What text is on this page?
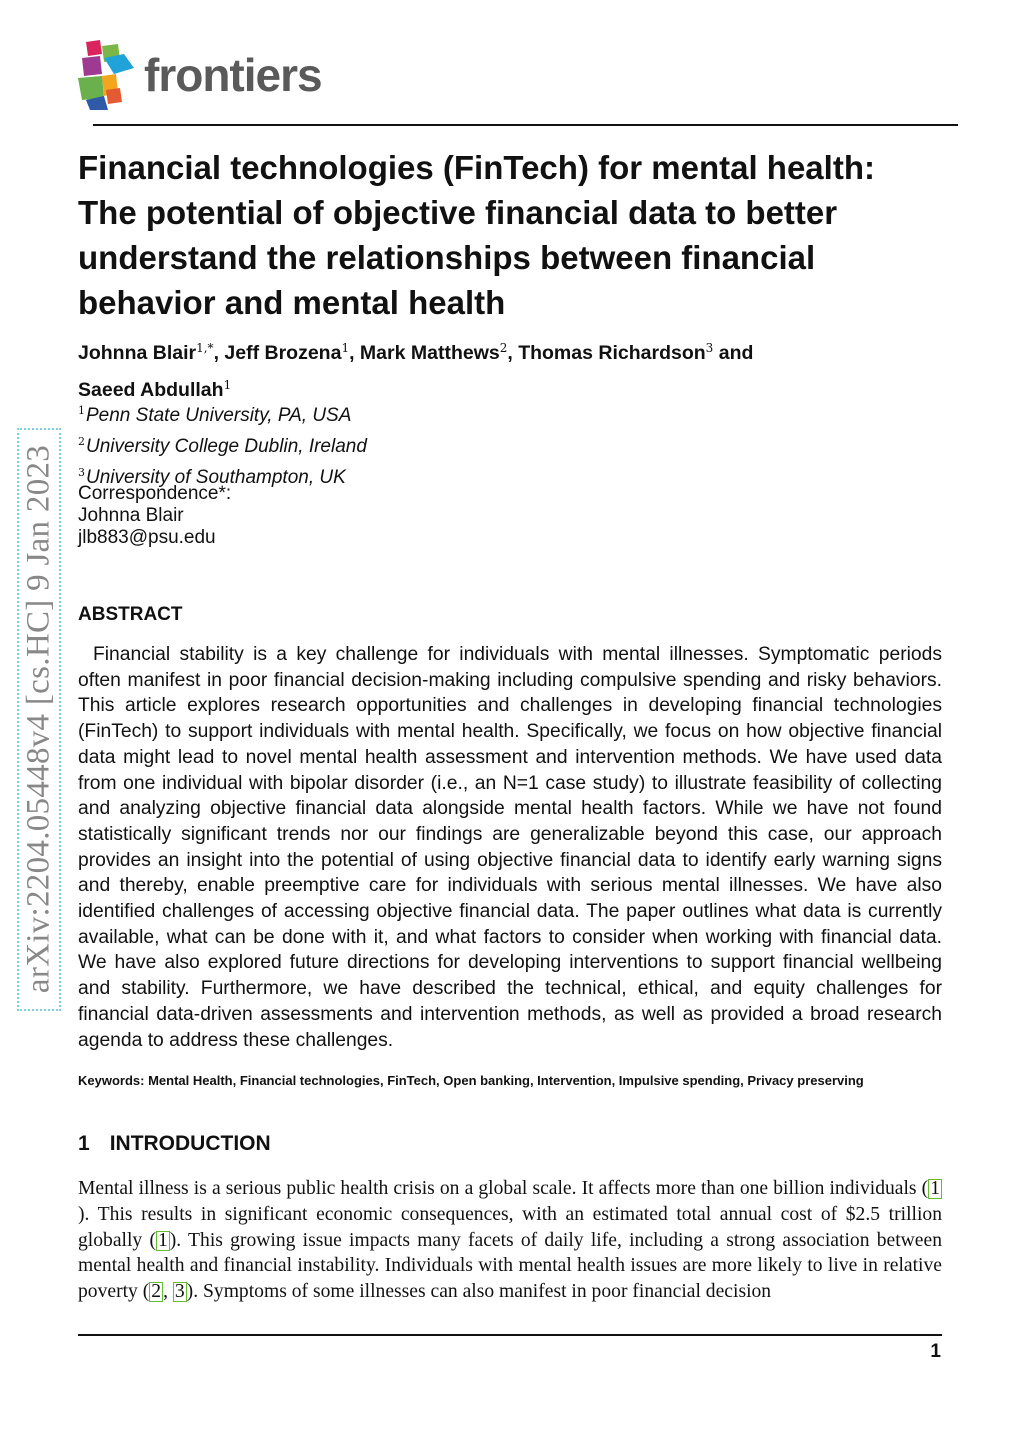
frontiers
arXiv:2204.05448v4 [cs.HC] 9 Jan 2023
Financial technologies (FinTech) for mental health: The potential of objective financial data to better understand the relationships between financial behavior and mental health

Johnna Blair$^{1,*}$, Jeff Brozena$^1$, Mark Matthews$^2$, Thomas Richardson$^3$ and
Saeed Abdullah$^1$

$^1$Penn State University, PA, USA
$^2$University College Dublin, Ireland
$^3$University of Southampton, UK
Correspondence*:
Johnna Blair
jlb883@psu.edu
ABSTRACT

Financial stability is a key challenge for individuals with mental illnesses. Symptomatic periods often manifest in poor financial decision-making including compulsive spending and risky behaviors. This article explores research opportunities and challenges in developing financial technologies (FinTech) to support individuals with mental health. Specifically, we focus on how objective financial data might lead to novel mental health assessment and intervention methods. We have used data from one individual with bipolar disorder (i.e., an N=1 case study) to illustrate feasibility of collecting and analyzing objective financial data alongside mental health factors. While we have not found statistically significant trends nor our findings are generalizable beyond this case, our approach provides an insight into the potential of using objective financial data to identify early warning signs and thereby, enable preemptive care for individuals with serious mental illnesses. We have also identified challenges of accessing objective financial data. The paper outlines what data is currently available, what can be done with it, and what factors to consider when working with financial data. We have also explored future directions for developing interventions to support financial wellbeing and stability. Furthermore, we have described the technical, ethical, and equity challenges for financial data-driven assessments and intervention methods, as well as provided a broad research agenda to address these challenges.

Keywords: Mental Health, Financial technologies, FinTech, Open banking, Intervention, Impulsive spending, Privacy preserving
1 INTRODUCTION

Mental illness is a serious public health crisis on a global scale. It affects more than one billion individuals ( 1). This results in significant economic consequences, with an estimated total annual cost of $2.5 trillion globally ( 1 ). This growing issue impacts many facets of daily life, including a strong association between mental health and financial instability. Individuals with mental health issues are more likely to live in relative poverty ( 2 , 3 ). Symptoms of some illnesses can also manifest in poor financial decision

1
